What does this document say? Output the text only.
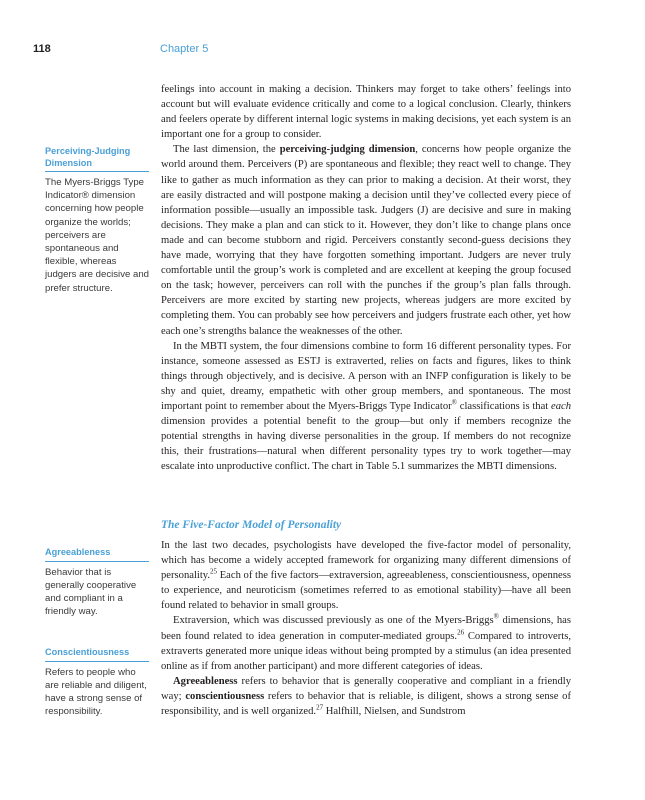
118	Chapter 5
Perceiving-Judging Dimension
The Myers-Briggs Type Indicator® dimension concerning how people organize the worlds; perceivers are spontaneous and flexible, whereas judgers are decisive and prefer structure.
Agreeableness
Behavior that is generally cooperative and compliant in a friendly way.
Conscientiousness
Refers to people who are reliable and diligent, have a strong sense of responsibility.

feelings into account in making a decision. Thinkers may forget to take others’ feelings into account but will evaluate evidence critically and come to a logical conclusion. Clearly, thinkers and feelers operate by different internal logic systems in making decisions, yet each system is an important one for a group to consider.

The last dimension, the perceiving-judging dimension, concerns how people organize the world around them. Perceivers (P) are spontaneous and flexible; they react well to change. They like to gather as much information as they can prior to making a decision. At their worst, they are easily distracted and will postpone making a decision until they’ve collected every piece of information possible—usually an impossible task. Judgers (J) are decisive and sure in making decisions. They make a plan and can stick to it. However, they don’t like to change plans once made and can become stubborn and rigid. Perceivers constantly second-guess decisions they have made, worrying that they have forgotten something important. Judgers are never truly comfortable until the group’s work is completed and are excellent at keeping the group focused on the task; however, perceivers can roll with the punches if the group’s plan falls through. Perceivers are more excited by starting new projects, whereas judgers are more excited by completing them. You can probably see how perceivers and judgers frustrate each other, yet how each one’s strengths balance the weaknesses of the other.

In the MBTI system, the four dimensions combine to form 16 different personality types. For instance, someone assessed as ESTJ is extraverted, relies on facts and figures, likes to think things through objectively, and is decisive. A person with an INFP configuration is likely to be shy and quiet, dreamy, empathetic with other group members, and spontaneous. The most important point to remember about the Myers-Briggs Type Indicator® classifications is that each dimension provides a potential benefit to the group—but only if members recognize the potential strengths in having diverse personalities in the group. If members do not recognize this, their frustrations—natural when different personality types try to work together—may escalate into unproductive conflict. The chart in Table 5.1 summarizes the MBTI dimensions.

The Five-Factor Model of Personality

In the last two decades, psychologists have developed the five-factor model of personality, which has become a widely accepted framework for organizing many different dimensions of personality.$^{25}$ Each of the five factors—extraversion, agreeableness, conscientiousness, openness to experience, and neuroticism (sometimes referred to as emotional stability)—have all been found related to behavior in small groups.

Extraversion, which was discussed previously as one of the Myers-Briggs® dimensions, has been found related to idea generation in computer-mediated groups.$^{26}$ Compared to introverts, extraverts generated more unique ideas without being prompted by a stimulus (an idea presented online as if from another participant) and more different categories of ideas.

Agreeableness refers to behavior that is generally cooperative and compliant in a friendly way; conscientiousness refers to behavior that is reliable, is diligent, shows a strong sense of responsibility, and is well organized.$^{27}$ Halfhill, Nielsen, and Sundstrom
